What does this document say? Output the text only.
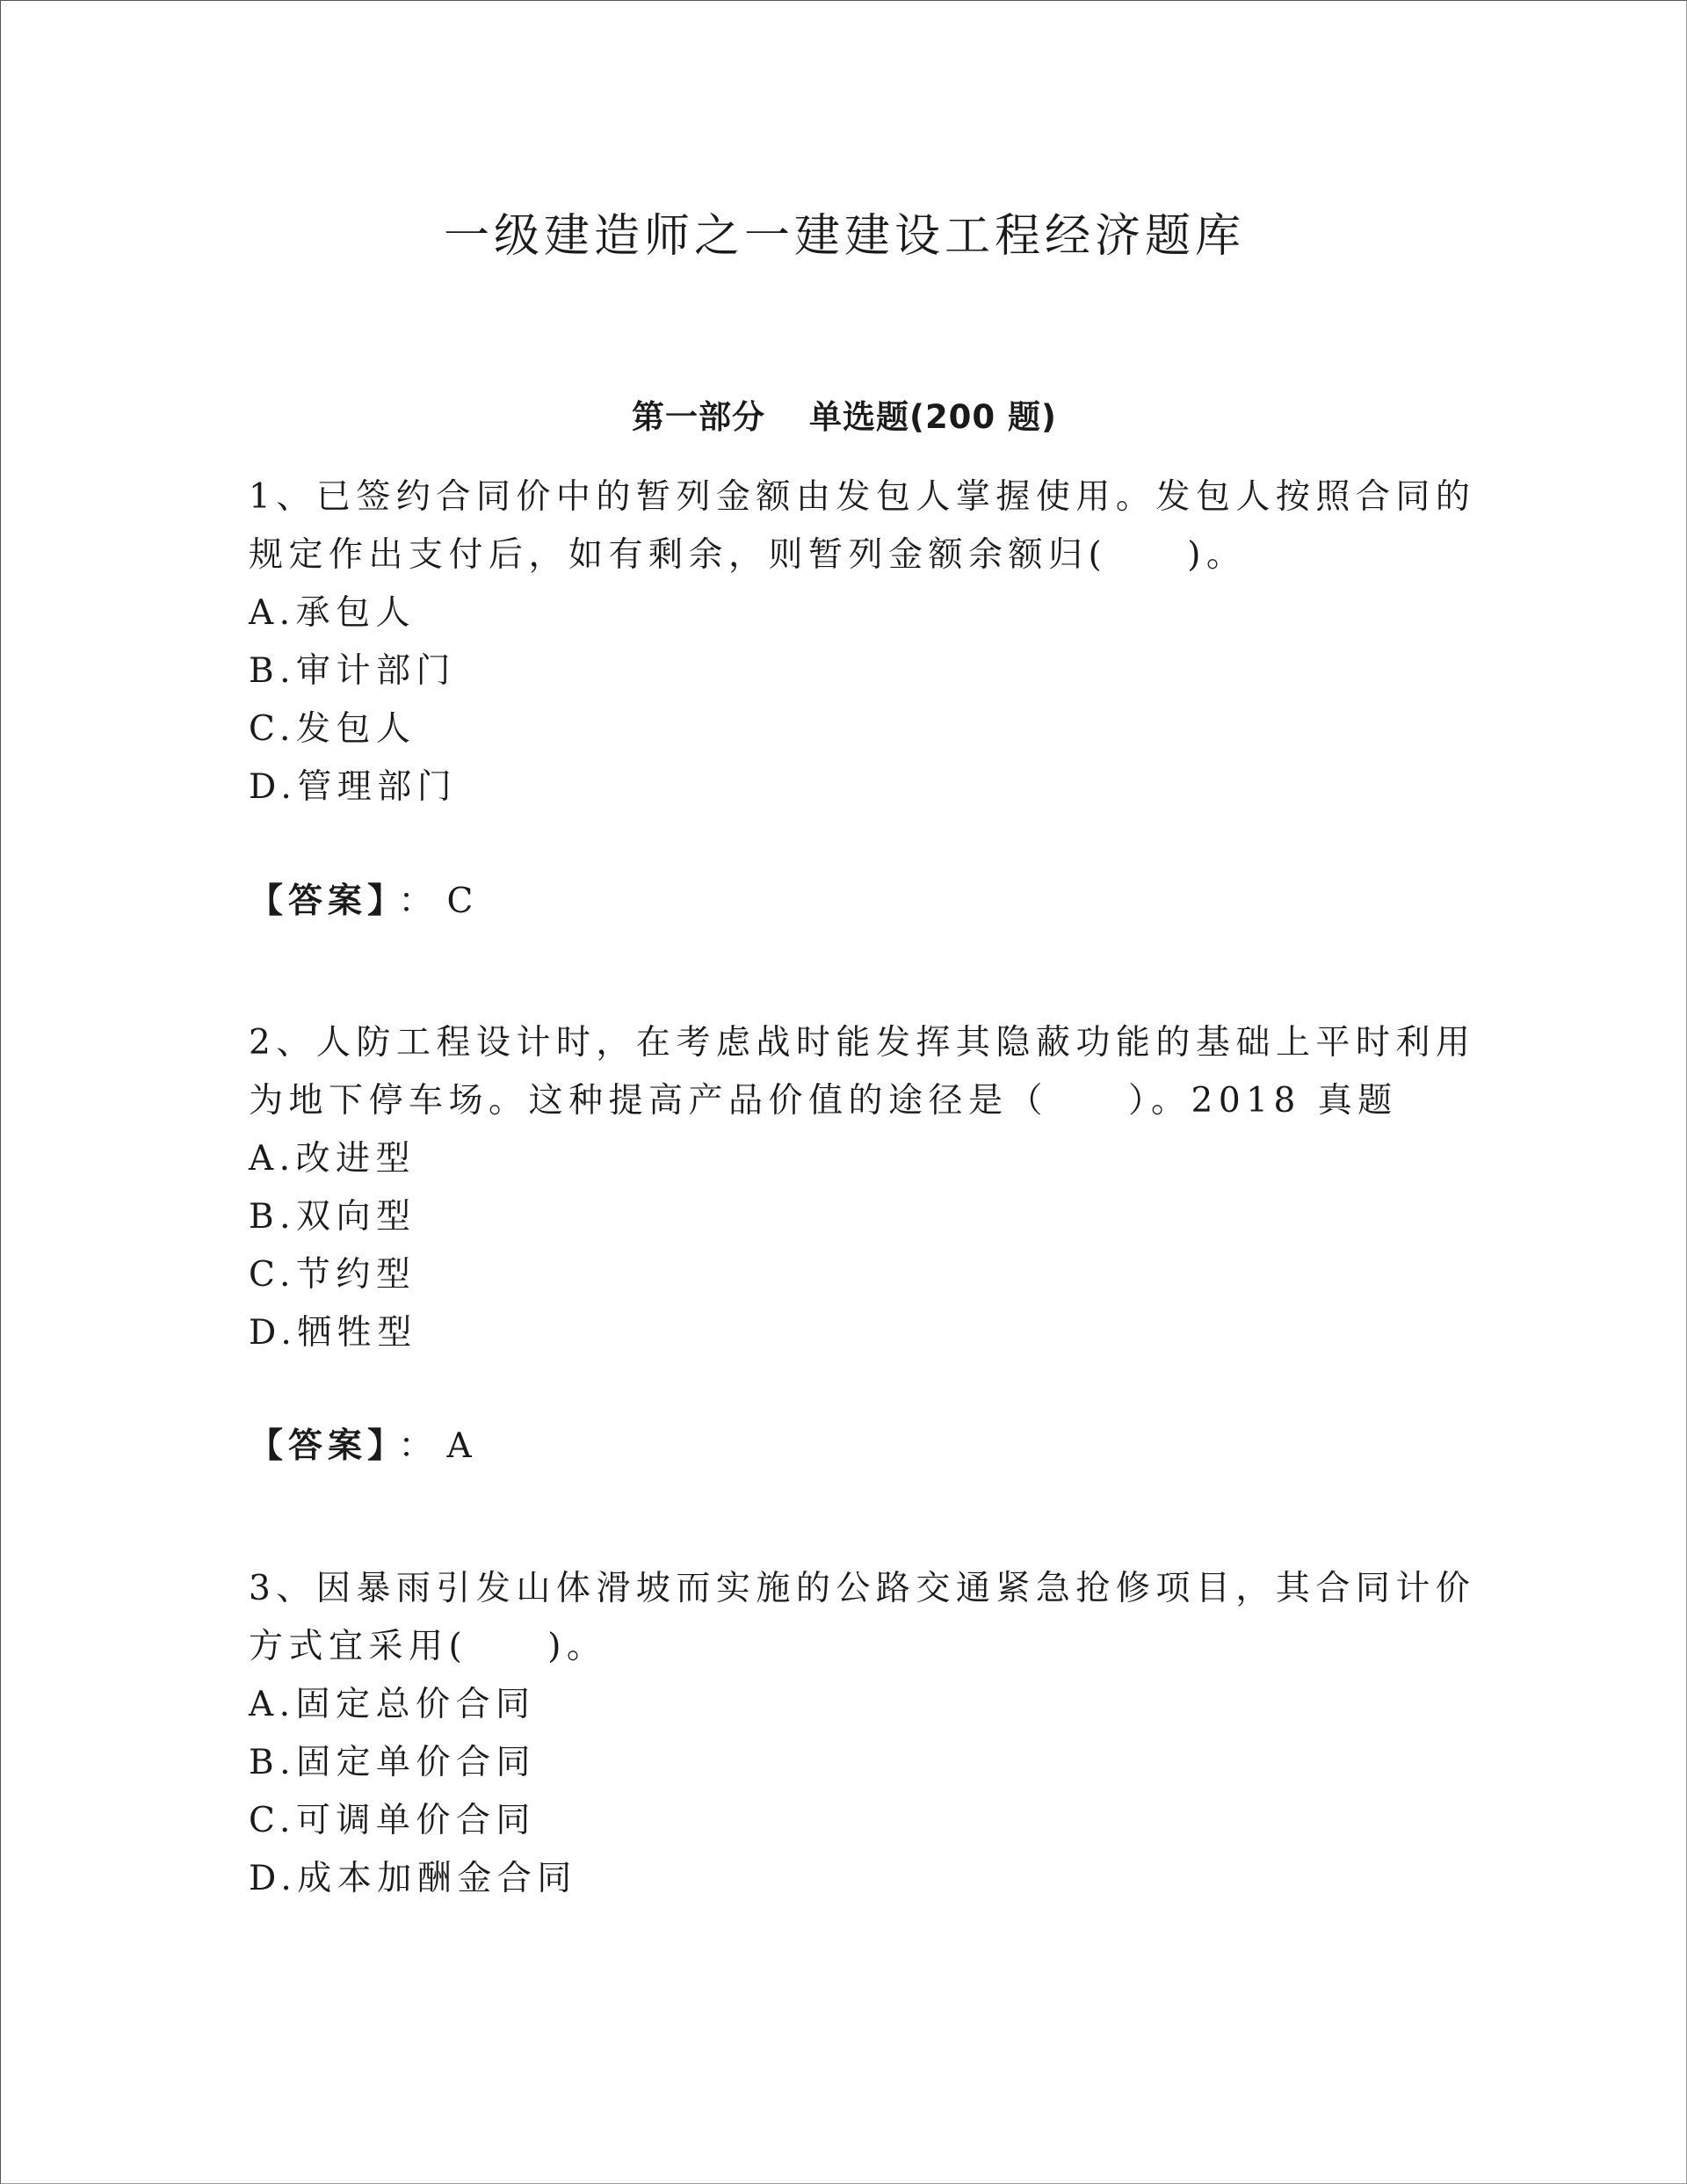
一级建造师之一建建设工程经济题库
第一部分 单选题(200 题)
1、已签约合同价中的暂列金额由发包人掌握使用。发包人按照合同的
规定作出支付后，如有剩余，则暂列金额余额归(　　)。
A.承包人
B.审计部门
C.发包人
D.管理部门
【答案】 ： C
2、人防工程设计时，在考虑战时能发挥其隐蔽功能的基础上平时利用
为地下停车场。这种提高产品价值的途径是（　　）。2018 真题
A.改进型
B.双向型
C.节约型
D.牺牲型
【答案】 ： A
3、因暴雨引发山体滑坡而实施的公路交通紧急抢修项目，其合同计价
方式宜采用(　　)。
A.固定总价合同
B.固定单价合同
C.可调单价合同
D.成本加酬金合同
